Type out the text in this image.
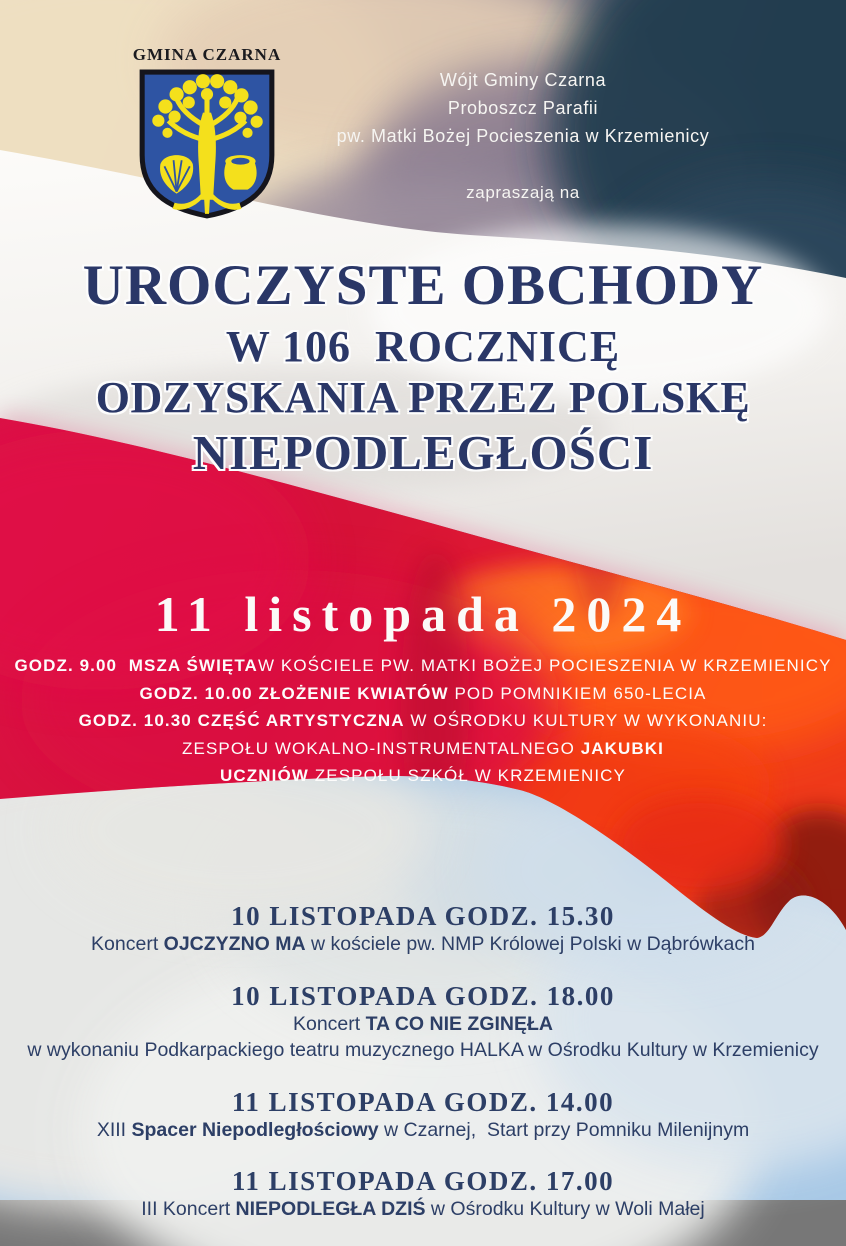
GMINA CZARNA
Wójt Gminy Czarna
Proboszcz Parafii
pw. Matki Bożej Pocieszenia w Krzemienicy
zapraszają na
UROCZYSTE OBCHODY
W 106  ROCZNICĘ
ODZYSKANIA PRZEZ POLSKĘ
NIEPODLEGŁOŚCI
11 listopada 2024
GODZ. 9.00  MSZA ŚWIĘTAW KOŚCIELE PW. MATKI BOŻEJ POCIESZENIA W KRZEMIENICY
GODZ. 10.00 ZŁOŻENIE KWIATÓW POD POMNIKIEM 650-LECIA
GODZ. 10.30 CZĘŚĆ ARTYSTYCZNA W OŚRODKU KULTURY W WYKONANIU:
ZESPOŁU WOKALNO-INSTRUMENTALNEGO JAKUBKI
UCZNIÓW ZESPOŁU SZKÓŁ W KRZEMIENICY
10 LISTOPADA GODZ. 15.30
Koncert OJCZYZNO MA w kościele pw. NMP Królowej Polski w Dąbrówkach
10 LISTOPADA GODZ. 18.00
Koncert TA CO NIE ZGINĘŁA
w wykonaniu Podkarpackiego teatru muzycznego HALKA w Ośrodku Kultury w Krzemienicy
11 LISTOPADA GODZ. 14.00
XIII Spacer Niepodległościowy w Czarnej,  Start przy Pomniku Milenijnym
11 LISTOPADA GODZ. 17.00
III Koncert NIEPODLEGŁA DZIŚ w Ośrodku Kultury w Woli Małej
